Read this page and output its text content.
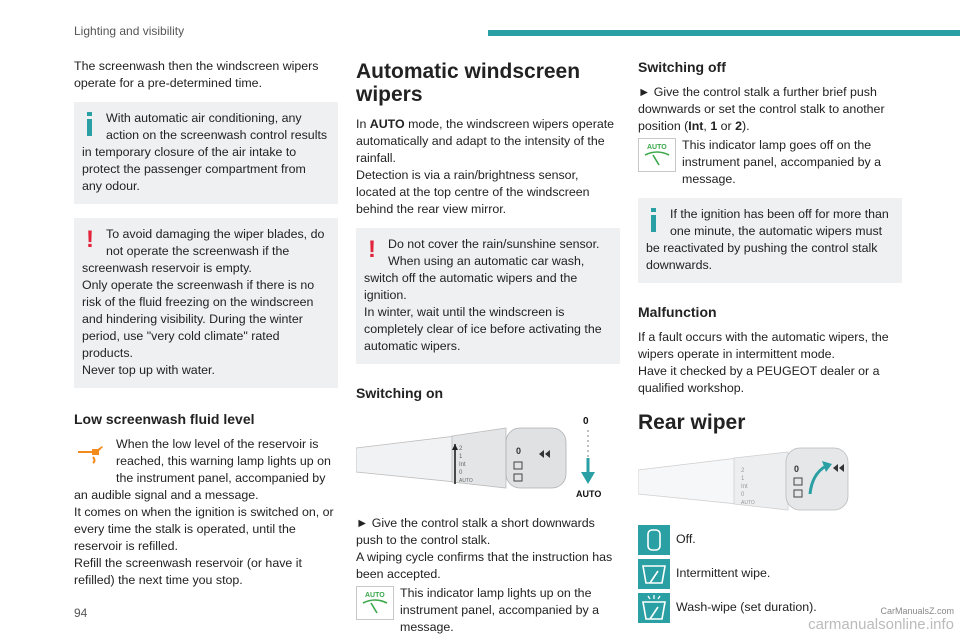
Lighting and visibility

The screenwash then the windscreen wipers operate for a pre-determined time.

With automatic air conditioning, any action on the screenwash control results in temporary closure of the air intake to protect the passenger compartment from any odour.
! To avoid damaging the wiper blades, do not operate the screenwash if the screenwash reservoir is empty.

Only operate the screenwash if there is no risk of the fluid freezing on the windscreen and hindering visibility. During the winter period, use "very cold climate" rated products.

Never top up with water.

Low screenwash fluid level

When the low level of the reservoir is reached, this warning lamp lights up on the instrument panel, accompanied by an audible signal and a message.

It comes on when the ignition is switched on, or every time the stalk is operated, until the reservoir is refilled.

Refill the screenwash reservoir (or have it refilled) the next time you stop.

Automatic windscreen wipers

In AUTO mode, the windscreen wipers operate automatically and adapt to the intensity of the rainfall.

Detection is via a rain/brightness sensor, located at the top centre of the windscreen behind the rear view mirror.

! Do not cover the rain/sunshine sensor.

When using an automatic car wash, switch off the automatic wipers and the ignition.

In winter, wait until the windscreen is completely clear of ice before activating the automatic wipers.

Switching on
2
1
Int
0
AUTO
0
0
AUTO

► Give the control stalk a short downwards push to the control stalk.

A wiping cycle confirms that the instruction has been accepted.

AUTO This indicator lamp lights up on the instrument panel, accompanied by a message.
Switching off

► Give the control stalk a further brief push downwards or set the control stalk to another position (Int, 1 or 2).

AUTO This indicator lamp goes off on the instrument panel, accompanied by a message.
If the ignition has been off for more than one minute, the automatic wipers must be reactivated by pushing the control stalk downwards.
Malfunction

If a fault occurs with the automatic wipers, the wipers operate in intermittent mode.

Have it checked by a PEUGEOT dealer or a qualified workshop.

Rear wiper
2
1
Int
0
AUTO
0
Off.
Intermittent wipe.
Wash-wipe (set duration).
94	CarManualsZ.com
carmanualsonline.info
